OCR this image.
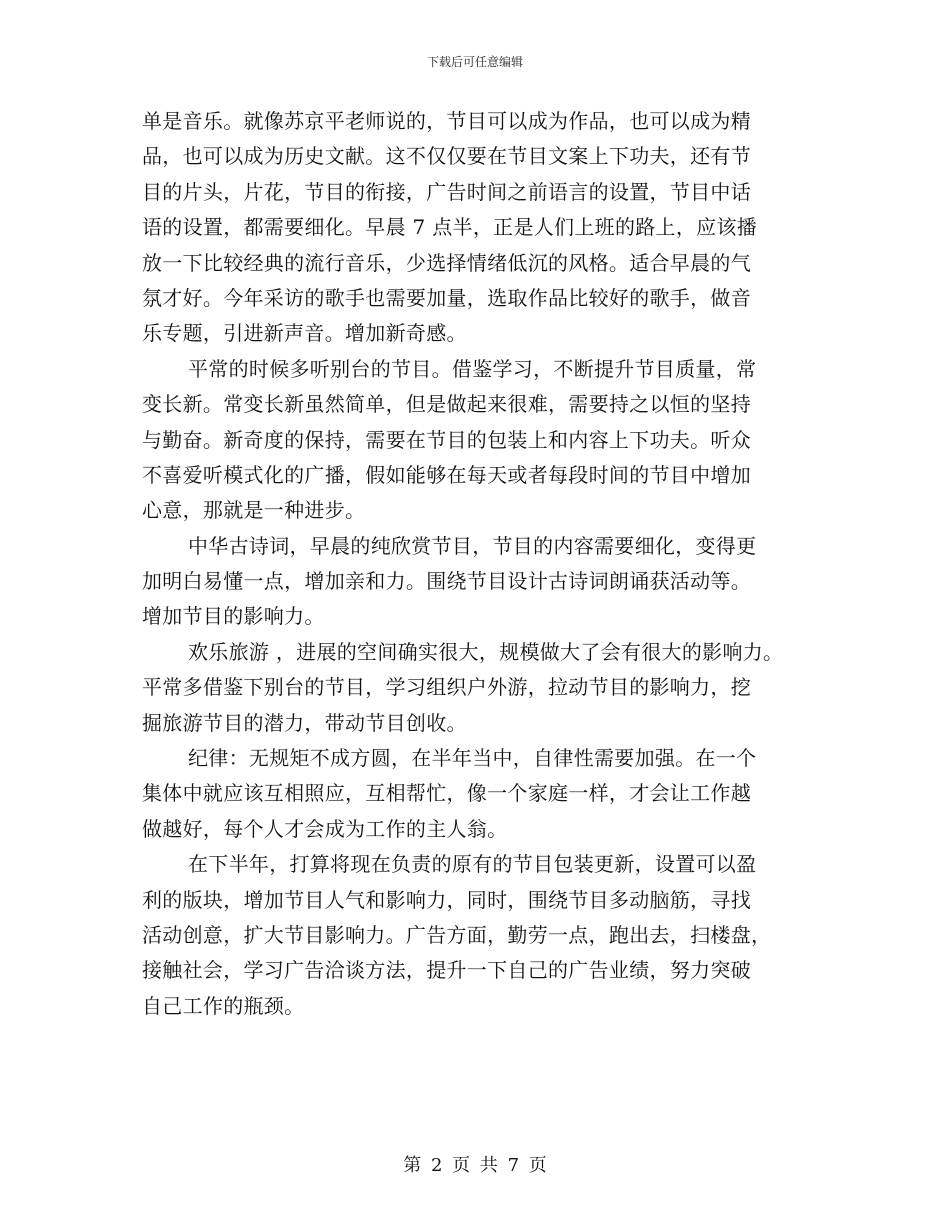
下载后可任意编辑
单是音乐。就像苏京平老师说的，节目可以成为作品，也可以成为精
品，也可以成为历史文献。这不仅仅要在节目文案上下功夫，还有节
目的片头，片花，节目的衔接，广告时间之前语言的设置，节目中话
语的设置，都需要细化。早晨 7 点半，正是人们上班的路上，应该播
放一下比较经典的流行音乐，少选择情绪低沉的风格。适合早晨的气
氛才好。今年采访的歌手也需要加量，选取作品比较好的歌手，做音
乐专题，引进新声音。增加新奇感。
平常的时候多听别台的节目。借鉴学习，不断提升节目质量，常
变长新。常变长新虽然简单，但是做起来很难，需要持之以恒的坚持
与勤奋。新奇度的保持，需要在节目的包装上和内容上下功夫。听众
不喜爱听模式化的广播，假如能够在每天或者每段时间的节目中增加
心意，那就是一种进步。
中华古诗词，早晨的纯欣赏节目，节目的内容需要细化，变得更
加明白易懂一点，增加亲和力。围绕节目设计古诗词朗诵获活动等。
增加节目的影响力。
欢乐旅游 ，进展的空间确实很大，规模做大了会有很大的影响力。
平常多借鉴下别台的节目，学习组织户外游，拉动节目的影响力，挖
掘旅游节目的潜力，带动节目创收。
纪律：无规矩不成方圆，在半年当中，自律性需要加强。在一个
集体中就应该互相照应，互相帮忙，像一个家庭一样，才会让工作越
做越好，每个人才会成为工作的主人翁。
在下半年，打算将现在负责的原有的节目包装更新，设置可以盈
利的版块，增加节目人气和影响力，同时，围绕节目多动脑筋，寻找
活动创意，扩大节目影响力。广告方面，勤劳一点，跑出去，扫楼盘，
接触社会，学习广告洽谈方法，提升一下自己的广告业绩，努力突破
自己工作的瓶颈。
第 2 页 共 7 页
